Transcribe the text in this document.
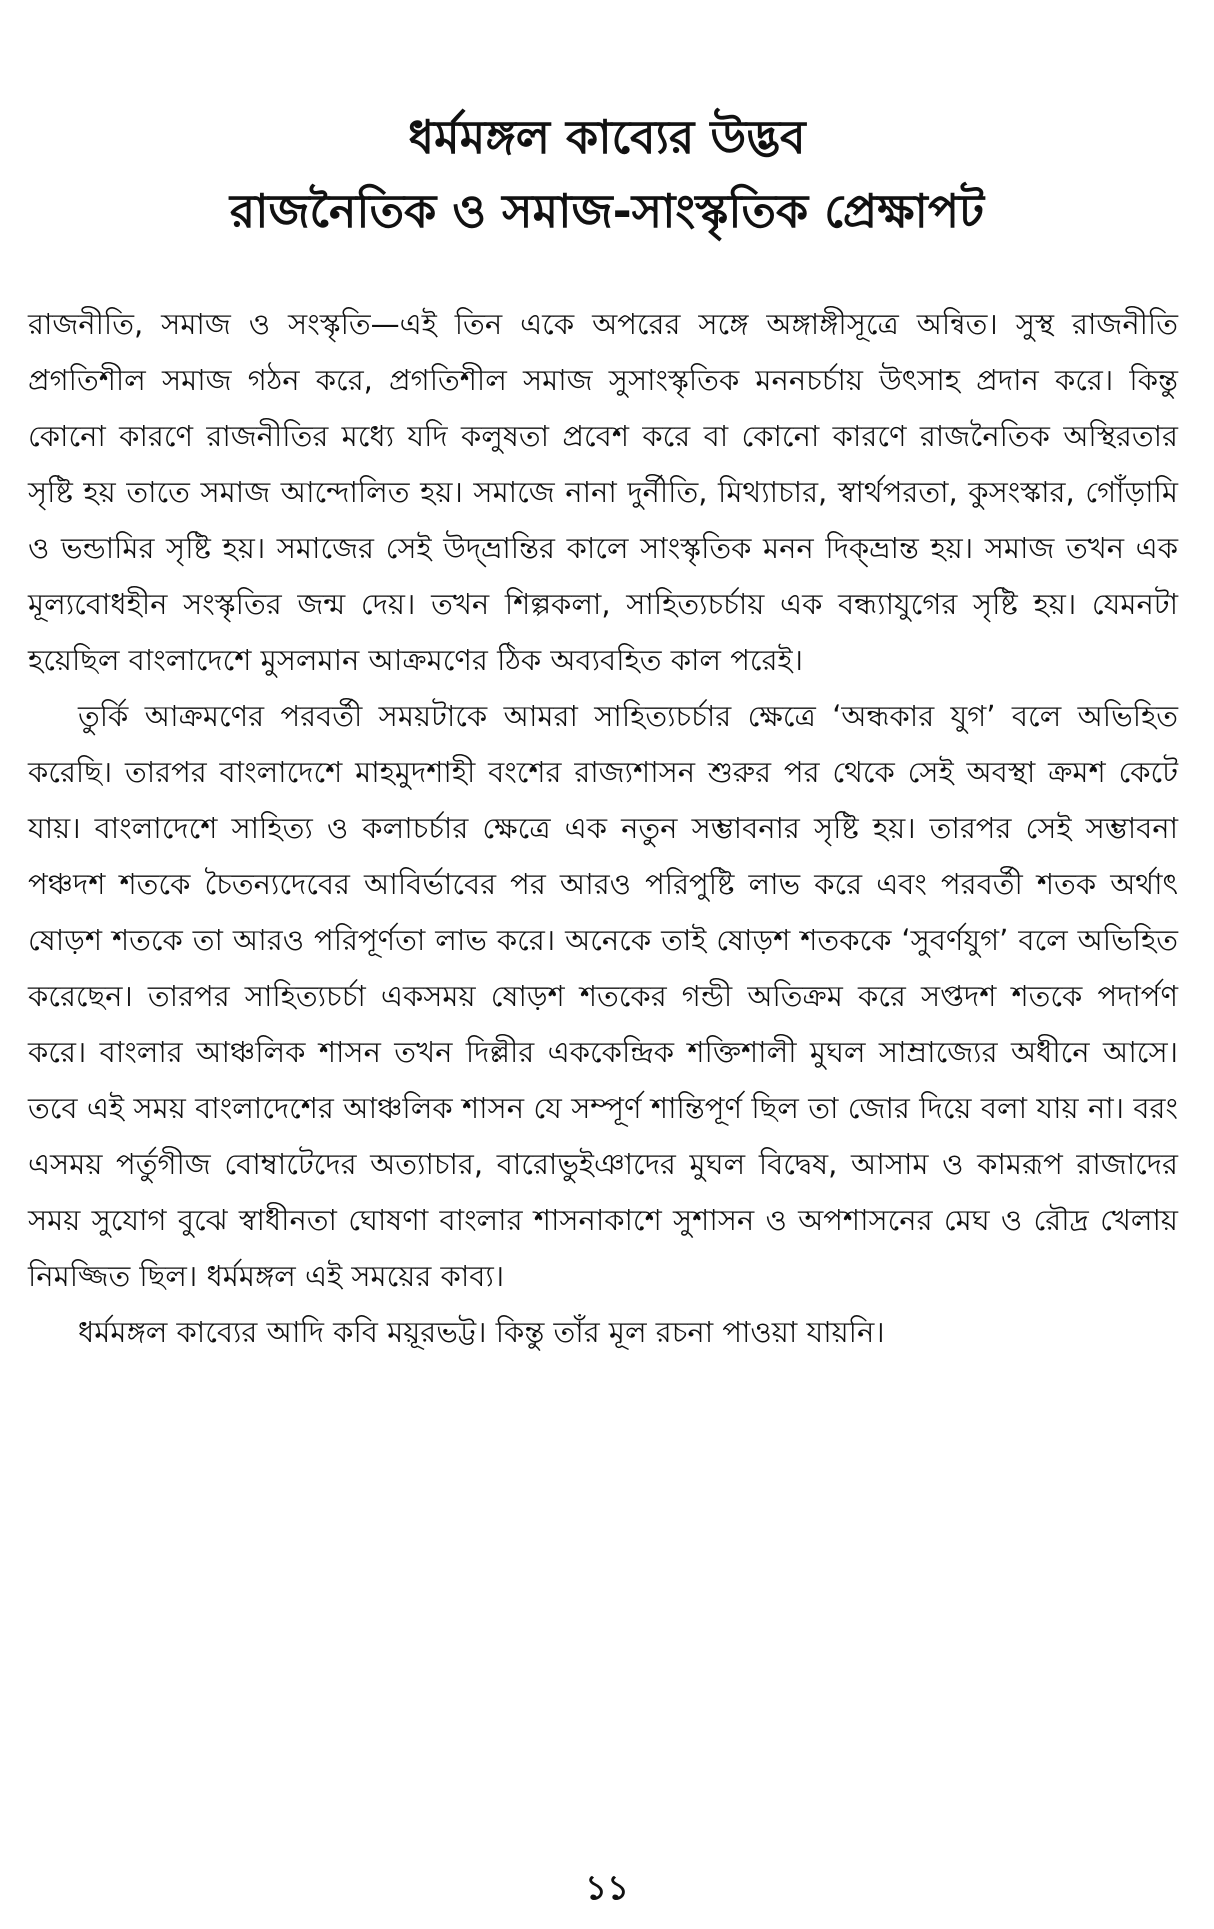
ধর্মমঙ্গল কাব্যের উদ্ভব
রাজনৈতিক ও সমাজ-সাংস্কৃতিক প্রেক্ষাপট

রাজনীতি, সমাজ ও সংস্কৃতি—এই তিন একে অপরের সঙ্গে অঙ্গাঙ্গীসূত্রে অন্বিত। সুস্থ রাজনীতি প্রগতিশীল সমাজ গঠন করে, প্রগতিশীল সমাজ সুসাংস্কৃতিক মননচর্চায় উৎসাহ প্রদান করে। কিন্তু কোনো কারণে রাজনীতির মধ্যে যদি কলুষতা প্রবেশ করে বা কোনো কারণে রাজনৈতিক অস্থিরতার সৃষ্টি হয় তাতে সমাজ আন্দোলিত হয়। সমাজে নানা দুর্নীতি, মিথ্যাচার, স্বার্থপরতা, কুসংস্কার, গোঁড়ামি ও ভন্ডামির সৃষ্টি হয়। সমাজের সেই উদ্‌ভ্রান্তির কালে সাংস্কৃতিক মনন দিক্‌ভ্রান্ত হয়। সমাজ তখন এক মূল্যবোধহীন সংস্কৃতির জন্ম দেয়। তখন শিল্পকলা, সাহিত্যচর্চায় এক বন্ধ্যাযুগের সৃষ্টি হয়। যেমনটা হয়েছিল বাংলাদেশে মুসলমান আক্রমণের ঠিক অব্যবহিত কাল পরেই।

তুর্কি আক্রমণের পরবর্তী সময়টাকে আমরা সাহিত্যচর্চার ক্ষেত্রে ‘অন্ধকার যুগ’ বলে অভিহিত করেছি। তারপর বাংলাদেশে মাহমুদশাহী বংশের রাজ্যশাসন শুরুর পর থেকে সেই অবস্থা ক্রমশ কেটে যায়। বাংলাদেশে সাহিত্য ও কলাচর্চার ক্ষেত্রে এক নতুন সম্ভাবনার সৃষ্টি হয়। তারপর সেই সম্ভাবনা পঞ্চদশ শতকে চৈতন্যদেবের আবির্ভাবের পর আরও পরিপুষ্টি লাভ করে এবং পরবর্তী শতক অর্থাৎ ষোড়শ শতকে তা আরও পরিপূর্ণতা লাভ করে। অনেকে তাই ষোড়শ শতককে ‘সুবর্ণযুগ’ বলে অভিহিত করেছেন। তারপর সাহিত্যচর্চা একসময় ষোড়শ শতকের গন্ডী অতিক্রম করে সপ্তদশ শতকে পদার্পণ করে। বাংলার আঞ্চলিক শাসন তখন দিল্লীর এককেন্দ্রিক শক্তিশালী মুঘল সাম্রাজ্যের অধীনে আসে। তবে এই সময় বাংলাদেশের আঞ্চলিক শাসন যে সম্পূর্ণ শান্তিপূর্ণ ছিল তা জোর দিয়ে বলা যায় না। বরং এসময় পর্তুগীজ বোম্বাটেদের অত্যাচার, বারোভুইঞাদের মুঘল বিদ্বেষ, আসাম ও কামরূপ রাজাদের সময় সুযোগ বুঝে স্বাধীনতা ঘোষণা বাংলার শাসনাকাশে সুশাসন ও অপশাসনের মেঘ ও রৌদ্র খেলায় নিমজ্জিত ছিল। ধর্মমঙ্গল এই সময়ের কাব্য।

ধর্মমঙ্গল কাব্যের আদি কবি ময়ূরভট্ট। কিন্তু তাঁর মূল রচনা পাওয়া যায়নি।

১১
